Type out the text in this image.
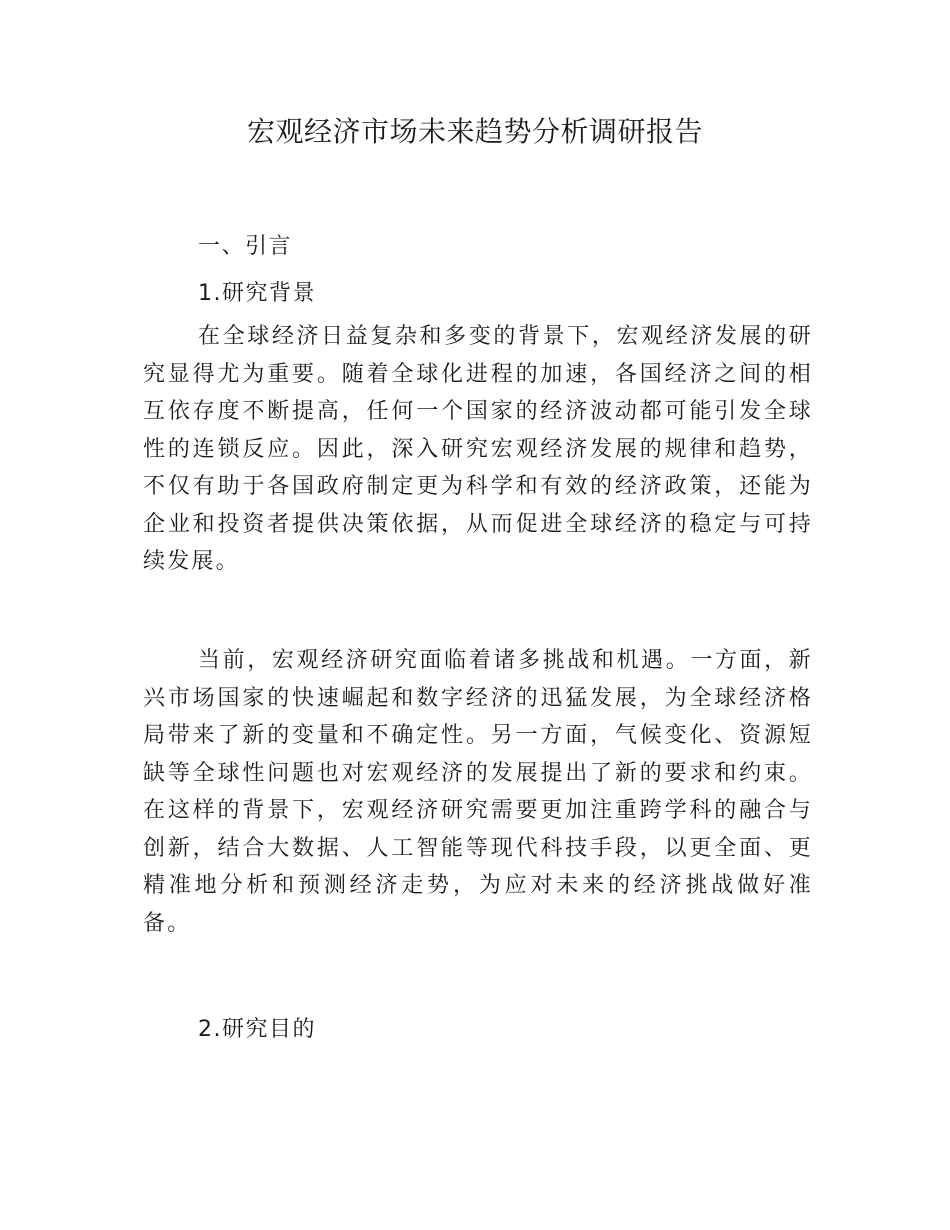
宏观经济市场未来趋势分析调研报告

一、引言

1.研究背景

在全球经济日益复杂和多变的背景下，宏观经济发展的研究显得尤为重要。随着全球化进程的加速，各国经济之间的相互依存度不断提高，任何一个国家的经济波动都可能引发全球性的连锁反应。因此，深入研究宏观经济发展的规律和趋势，不仅有助于各国政府制定更为科学和有效的经济政策，还能为企业和投资者提供决策依据，从而促进全球经济的稳定与可持续发展。

当前，宏观经济研究面临着诸多挑战和机遇。一方面，新兴市场国家的快速崛起和数字经济的迅猛发展，为全球经济格局带来了新的变量和不确定性。另一方面，气候变化、资源短缺等全球性问题也对宏观经济的发展提出了新的要求和约束。在这样的背景下，宏观经济研究需要更加注重跨学科的融合与创新，结合大数据、人工智能等现代科技手段，以更全面、更精准地分析和预测经济走势，为应对未来的经济挑战做好准备。

2.研究目的
